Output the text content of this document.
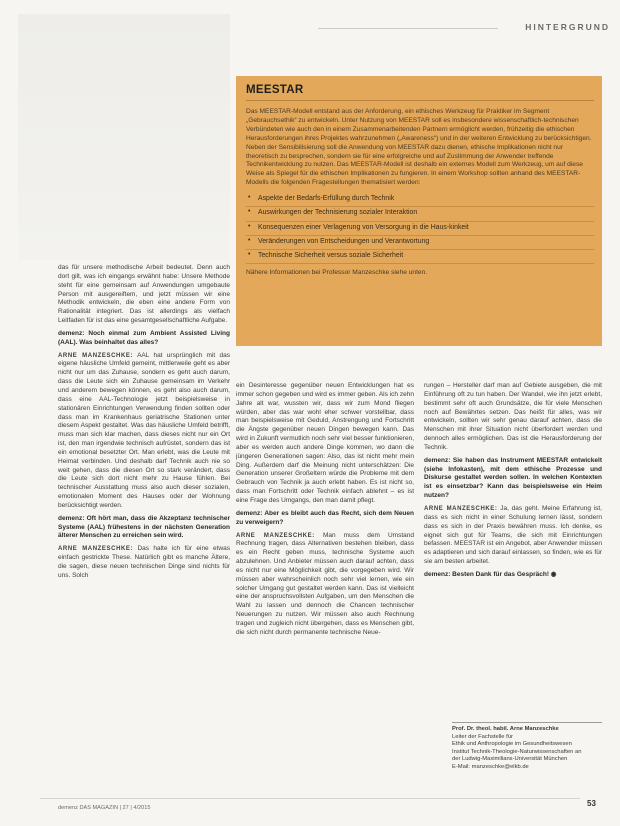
HINTERGRUND
MEESTAR

Das MEESTAR-Modell entstand aus der Anforderung, ein ethisches Werkzeug für Praktiker im Segment „Gebrauchsethik“ zu entwickeln. Unter Nutzung von MEESTAR soll es insbesondere wissenschaftlich-technischen Verbündeten wie auch den in einem Zusammenarbeitenden Partnern ermöglicht werden, frühzeitig die ethischen Herausforderungen ihres Projektes wahrzunehmen („Awareness“) und in der weiteren Entwicklung zu berücksichtigen. Neben der Sensibilisierung soll die Anwendung von MEESTAR dazu dienen, ethische Implikationen nicht nur theoretisch zu besprechen, sondern sie für eine erfolgreiche und auf Zustimmung der Anwender treffende Technikentwicklung zu nutzen. Das MEESTAR-Modell ist deshalb ein externes Modell zum Werkzeug, um auf diese Weise als Spiegel für die ethischen Implikationen zu fungieren. In einem Workshop sollten anhand des MEESTAR-Modells die folgenden Fragestellungen thematisiert werden:

• Aspekte der Bedarfs-Erfüllung durch Technik
• Auswirkungen der Technisierung sozialer Interaktion
• Konsequenzen einer Verlagerung von Versorgung in die Haus-kinkeit
• Veränderungen von Entscheidungen und Verantwortung
• Technische Sicherheit versus soziale Sicherheit

Nähere Informationen bei Professor Manzeschke siehe unten.

das für unsere methodische Arbeit bedeutet. Denn auch dort gilt, was ich eingangs erwähnt habe: Unsere Methode steht für eine gemeinsam auf Anwendungen umgebaute Person mit ausgereiftem, und jetzt müssen wir eine Methodik entwickeln, die eben eine andere Form von Rationalität integriert. Das ist allerdings als vielfach Leitfaden für ist das eine gesamtgesellschaftliche Aufgabe.

demenz: Noch einmal zum Ambient Assisted Living (AAL). Was beinhaltet das alles?

ARNE MANZESCHKE: AAL hat ursprünglich mit das eigene häusliche Umfeld gemeint, mittlerweile geht es aber nicht nur um das Zuhause, sondern es geht auch darum, dass die Leute sich ein Zuhause gemeinsam im Verkehr und anderem bewegen können, es geht also auch darum, dass eine AAL-Technologie jetzt beispielsweise in stationären Einrichtungen Verwendung finden sollten oder dass man im Krankenhaus geriatrische Stationen unter diesem Aspekt gestaltet. Was das häusliche Umfeld betrifft, muss man sich klar machen, dass dieses nicht nur ein Ort ist, den man irgendwie technisch aufrüstet, sondern das ist ein emotional besetzter Ort. Man erlebt, was die Leute mit Heimat verbinden. Und deshalb darf Technik auch nie so weit gehen, dass die diesen Ort so stark verändert, dass die Leute sich dort nicht mehr zu Hause fühlen. Bei technischer Ausstattung muss also auch dieser sozialen, emotionalen Moment des Hauses oder der Wohnung berücksichtigt werden.

demenz: Oft hört man, dass die Akzeptanz technischer Systeme (AAL) frühestens in der nächsten Generation älterer Menschen zu erreichen sein wird.

ARNE MANZESCHKE: Das halte ich für eine etwas einfach gestrickte These. Natürlich gibt es manche Ältere, die sagen, diese neuen technischen Dinge sind nichts für uns. Solch

ein Desinteresse gegenüber neuen Entwicklungen hat es immer schon gegeben und wird es immer geben. Als ich zehn Jahre alt war, wussten wir, dass wir zum Mond fliegen würden, aber das war wohl eher schwer vorstellbar, dass man beispielsweise mit Geduld, Anstrengung und Fortschritt die Ängste gegenüber neuen Dingen bewegen kann. Das wird in Zukunft vermutlich noch sehr viel besser funktionieren, aber es werden auch andere Dinge kommen, wo dann die jüngeren Generationen sagen: Also, das ist nicht mehr mein Ding. Außerdem darf die Meinung nicht unterschätzen: Die Generation unserer Großeltern würde die Probleme mit dem Gebrauch von Technik ja auch erlebt haben. Es ist nicht so, dass man Fortschritt oder Technik einfach ablehnt – es ist eine Frage des Umgangs, den man damit pflegt.

demenz: Aber es bleibt auch das Recht, sich dem Neuen zu verweigern?

ARNE MANZESCHKE: Man muss dem Umstand Rechnung tragen, dass Alternativen bestehen bleiben, dass es ein Recht geben muss, technische Systeme auch abzulehnen. Und Anbieter müssen auch darauf achten, dass es nicht nur eine Möglichkeit gibt, die vorgegeben wird. Wir müssen aber wahrscheinlich noch sehr viel lernen, wie ein solcher Umgang gut gestaltet werden kann. Das ist vielleicht eine der anspruchsvollsten Aufgaben, um den Menschen die Wahl zu lassen und dennoch die Chancen technischer Neuerungen zu nutzen. Wir müssen also auch Rechnung tragen und zugleich nicht übergehen, dass es Menschen gibt, die sich nicht durch permanente technische Neue-

rungen – Hersteller darf man auf Gebiete ausgeben, die mit Einführung oft zu tun haben. Der Wandel, wie ihn jetzt erlebt, bestimmt sehr oft auch Grundsätze, die für viele Menschen noch auf Bewährtes setzen. Das heißt für alles, was wir entwickeln, sollten wir sehr genau darauf achten, dass die Menschen mit ihrer Situation nicht überfordert werden und dennoch alles ermöglichen. Das ist die Herausforderung der Technik.

demenz: Sie haben das Instrument MEESTAR entwickelt (siehe Infokasten), mit dem ethische Prozesse und Diskurse gestaltet werden sollen. In welchen Kontexten ist es einsetzbar? Kann das beispielsweise ein Heim nutzen?

ARNE MANZESCHKE: Ja, das geht. Meine Erfahrung ist, dass es sich nicht in einer Schulung lernen lässt, sondern dass es sich in der Praxis bewähren muss. Ich denke, es eignet sich gut für Teams, die sich mit Einrichtungen befassen. MEESTAR ist ein Angebot, aber Anwender müssen es adaptieren und sich darauf einlassen, so finden, wie es für sie am besten arbeitet.

demenz: Besten Dank für das Gespräch! ◉

Prof. Dr. theol. habil. Arne Manzeschke
Leiter der Fachstelle für
Ethik und Anthropologie im Gesundheitswesen
Institut Technik-Theologie-Naturwissenschaften an
der Ludwig-Maximilians-Universität München
E-Mail: manzeschke@elkb.de
demenz DAS MAGAZIN | 27 | 4/2015	53
